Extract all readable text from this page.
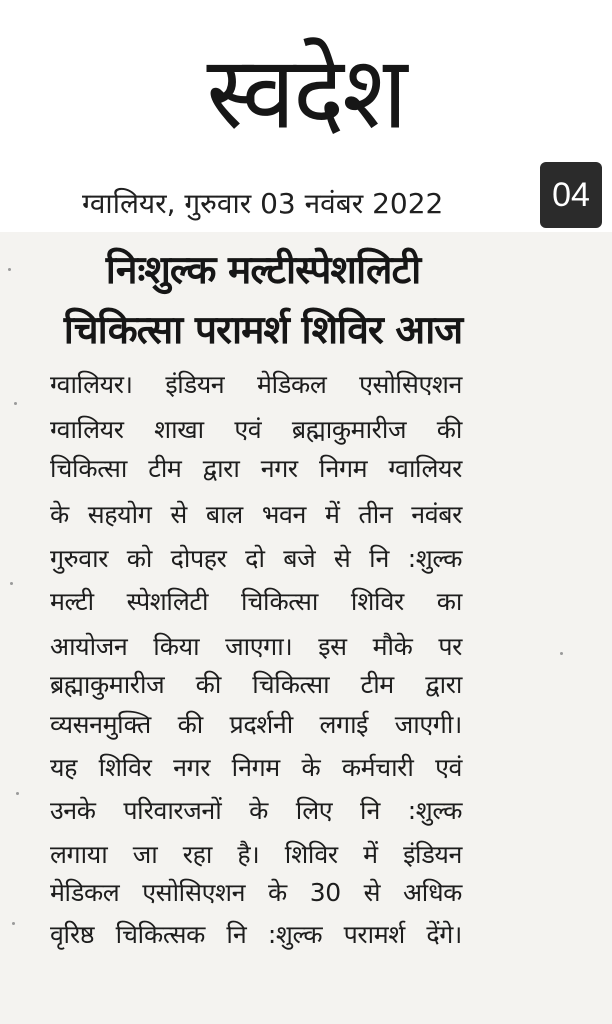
स्वदेश
ग्वालियर, गुरुवार 03 नवंबर 2022	04
निःशुल्क मल्टीस्पेशलिटी
चिकित्सा परामर्श शिविर आज
ग्वालियर। इंडियन मेडिकल एसोसिएशन
ग्वालियर शाखा एवं ब्रह्माकुमारीज की
चिकित्सा टीम द्वारा नगर निगम ग्वालियर
के सहयोग से बाल भवन में तीन नवंबर
गुरुवार को दोपहर दो बजे से नि :शुल्क
मल्टी स्पेशलिटी चिकित्सा शिविर का
आयोजन किया जाएगा। इस मौके पर
ब्रह्माकुमारीज की चिकित्सा टीम द्वारा
व्यसनमुक्ति की प्रदर्शनी लगाई जाएगी।
यह शिविर नगर निगम के कर्मचारी एवं
उनके परिवारजनों के लिए नि :शुल्क
लगाया जा रहा है। शिविर में इंडियन
मेडिकल एसोसिएशन के 30 से अधिक
वृरिष्ठ चिकित्सक नि :शुल्क परामर्श देंगे।
